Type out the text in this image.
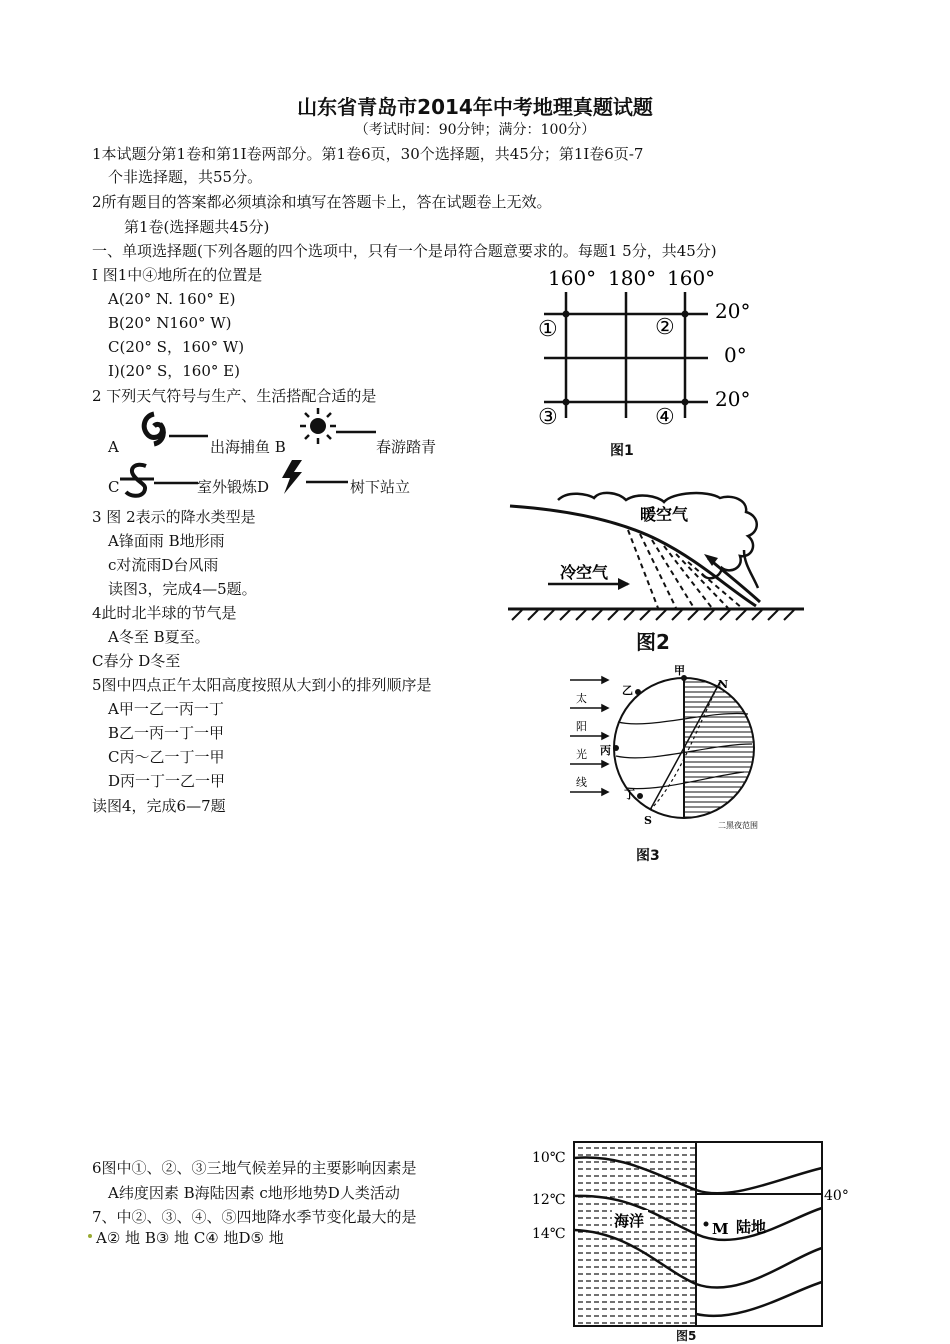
山东省青岛市2014年中考地理真题试题
（考试时间：90分钟；满分：100分）
1本试题分第1卷和第1I卷两部分。第1卷6页，30个选择题，共45分；第1I卷6页-7
个非选择题，共55分。
2所有题目的答案都必须填涂和填写在答题卡上，答在试题卷上无效。
第1卷(选择题共45分)
一、单项选择题(下列各题的四个选项中，只有一个是昂符合题意要求的。每题1 5分，共45分)
I 图1中④地所在的位置是
A(20° N. 160° E)
B(20° N160° W)
C(20° S，160° W)
I)(20° S，160° E)
2 下列天气符号与生产、生活搭配合适的是
A	出海捕鱼 B	春游踏青
C	室外锻炼D	树下站立
3 图 2表示的降水类型是
A锋面雨 B地形雨
c对流雨D台风雨
读图3，完成4—5题。
4此时北半球的节气是
A冬至 B夏至。
C春分 D冬至
5图中四点正午太阳高度按照从大到小的排列顺序是
A甲一乙一丙一丁
B乙一丙一丁一甲
C丙～乙一丁一甲
D丙一丁一乙一甲
读图4，完成6—7题
6图中①、②、③三地气候差异的主要影响因素是
A纬度因素 B海陆因素 c地形地势D人类活动
7、中②、③、④、⑤四地降水季节变化最大的是
A② 地 B③ 地 C④ 地D⑤ 地
160° 180° 160°
①	②
③	④
20°
0°
20°
图1
暖空气
冷空气
图2
太
阳
光
线
甲
乙
丙
丁
N
S	二黑夜范围
图3
10℃
12℃
14℃
40°
海洋	M 陆地
图5
